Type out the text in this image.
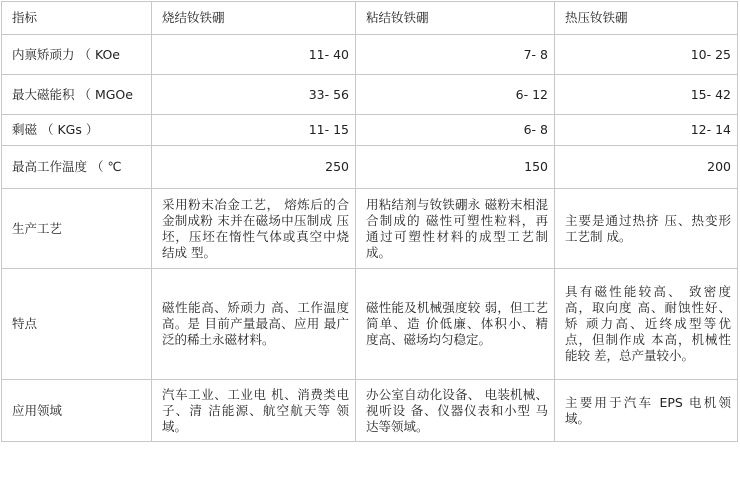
指标	烧结钕铁硼	粘结钕铁硼	热压钕铁硼
内禀矫顽力 （ KOe	11- 40	7- 8	10- 25
最大磁能积 （ MGOe	33- 56	6- 12	15- 42
剩磁 （ KGs ）	11- 15	6- 8	12- 14
最高工作温度 （ ℃	250	150	200
生产工艺	采用粉末冶金工艺， 熔炼后的合金制成粉 末并在磁场中压制成 压坯，压坯在惰性气体或真空中烧结成 型。	用粘结剂与钕铁硼永 磁粉末相混合制成的 磁性可塑性粒料，再 通过可塑性材料的成型工艺制成。	主要是通过热挤 压、热变形工艺制 成。
特点	磁性能高、矫顽力 高、工作温度高。是 目前产量最高、应用 最广泛的稀土永磁材料。	磁性能及机械强度较 弱，但工艺简单、造 价低廉、体积小、精 度高、磁场均匀稳定。	具有磁性能较高、 致密度高，取向度 高、耐蚀性好、矫 顽力高、近终成型等优点，但制作成 本高，机械性能较 差，总产量较小。
应用领域	汽车工业、工业电 机、消费类电子、清 洁能源、航空航天等 领域。	办公室自动化设备、 电装机械、视听设 备、仪器仪表和小型 马达等领域。	主要用于汽车 EPS 电机领域。
